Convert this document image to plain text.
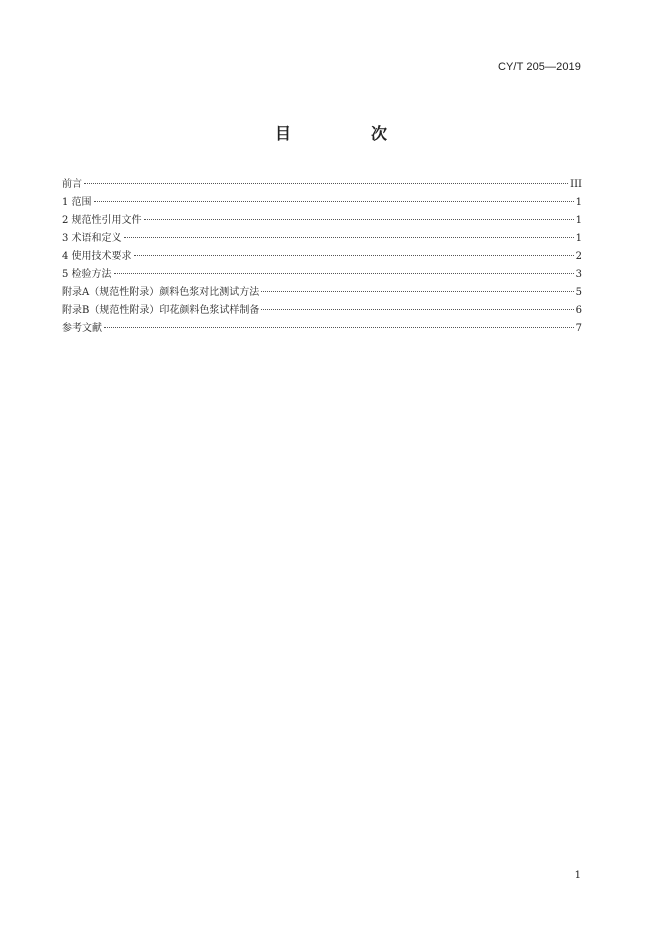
CY/T 205—2019
目　次
前言	III
1 范围	1
2 规范性引用文件	1
3 术语和定义	1
4 使用技术要求	2
5 检验方法	3
附录A（规范性附录）颜料色浆对比测试方法	5
附录B（规范性附录）印花颜料色浆试样制备	6
参考文献	7
1
